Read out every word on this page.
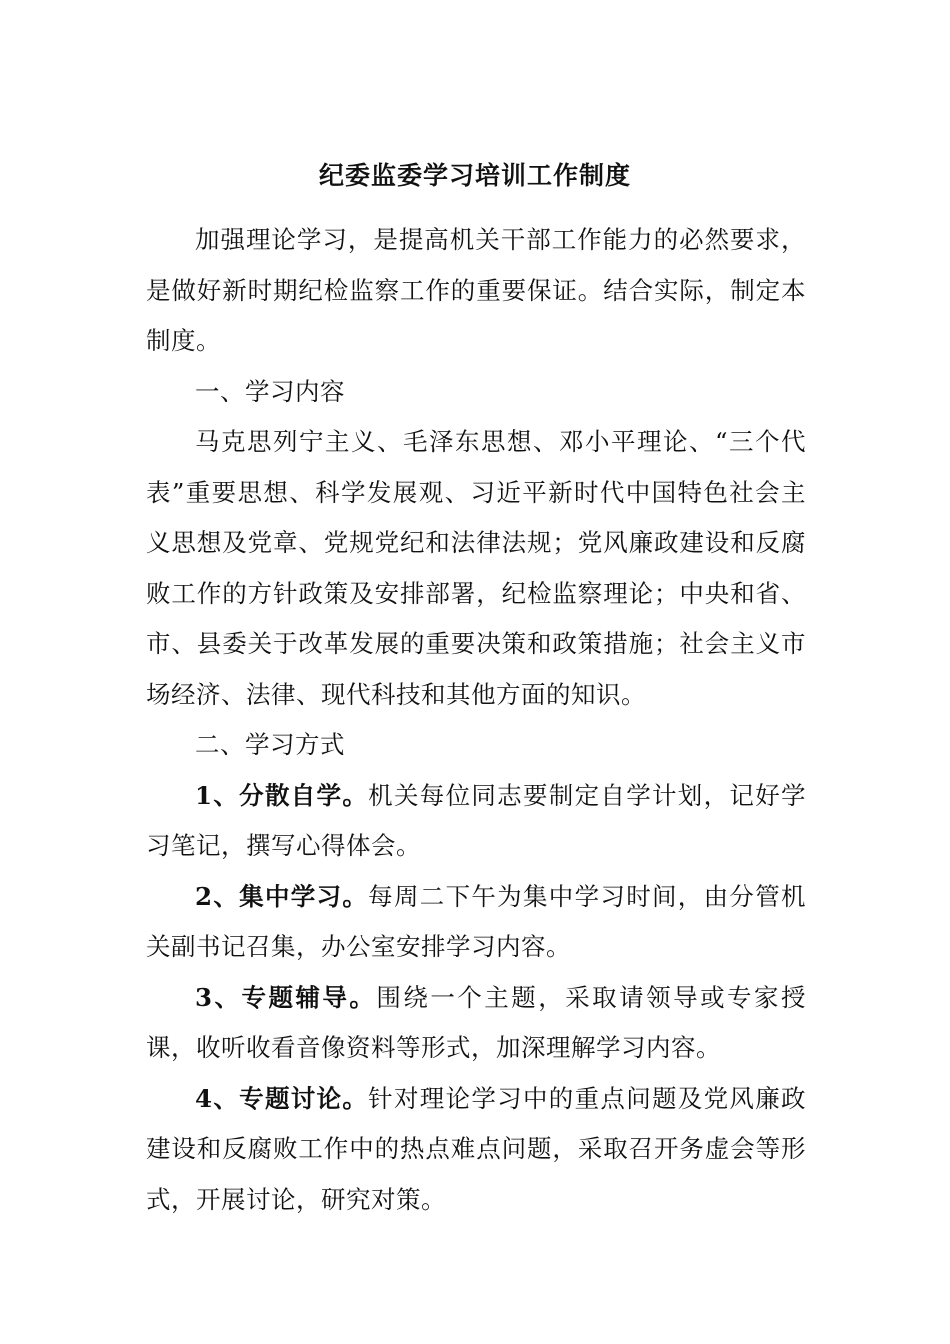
纪委监委学习培训工作制度

加强理论学习，是提高机关干部工作能力的必然要求，是做好新时期纪检监察工作的重要保证。结合实际，制定本制度。

一、学习内容

马克思列宁主义、毛泽东思想、邓小平理论、“三个代表”重要思想、科学发展观、习近平新时代中国特色社会主义思想及党章、党规党纪和法律法规；党风廉政建设和反腐败工作的方针政策及安排部署，纪检监察理论；中央和省、市、县委关于改革发展的重要决策和政策措施；社会主义市场经济、法律、现代科技和其他方面的知识。

二、学习方式

1、分散自学。机关每位同志要制定自学计划，记好学习笔记，撰写心得体会。

2、集中学习。每周二下午为集中学习时间，由分管机关副书记召集，办公室安排学习内容。

3、专题辅导。围绕一个主题，采取请领导或专家授课，收听收看音像资料等形式，加深理解学习内容。

4、专题讨论。针对理论学习中的重点问题及党风廉政建设和反腐败工作中的热点难点问题，采取召开务虚会等形式，开展讨论，研究对策。
